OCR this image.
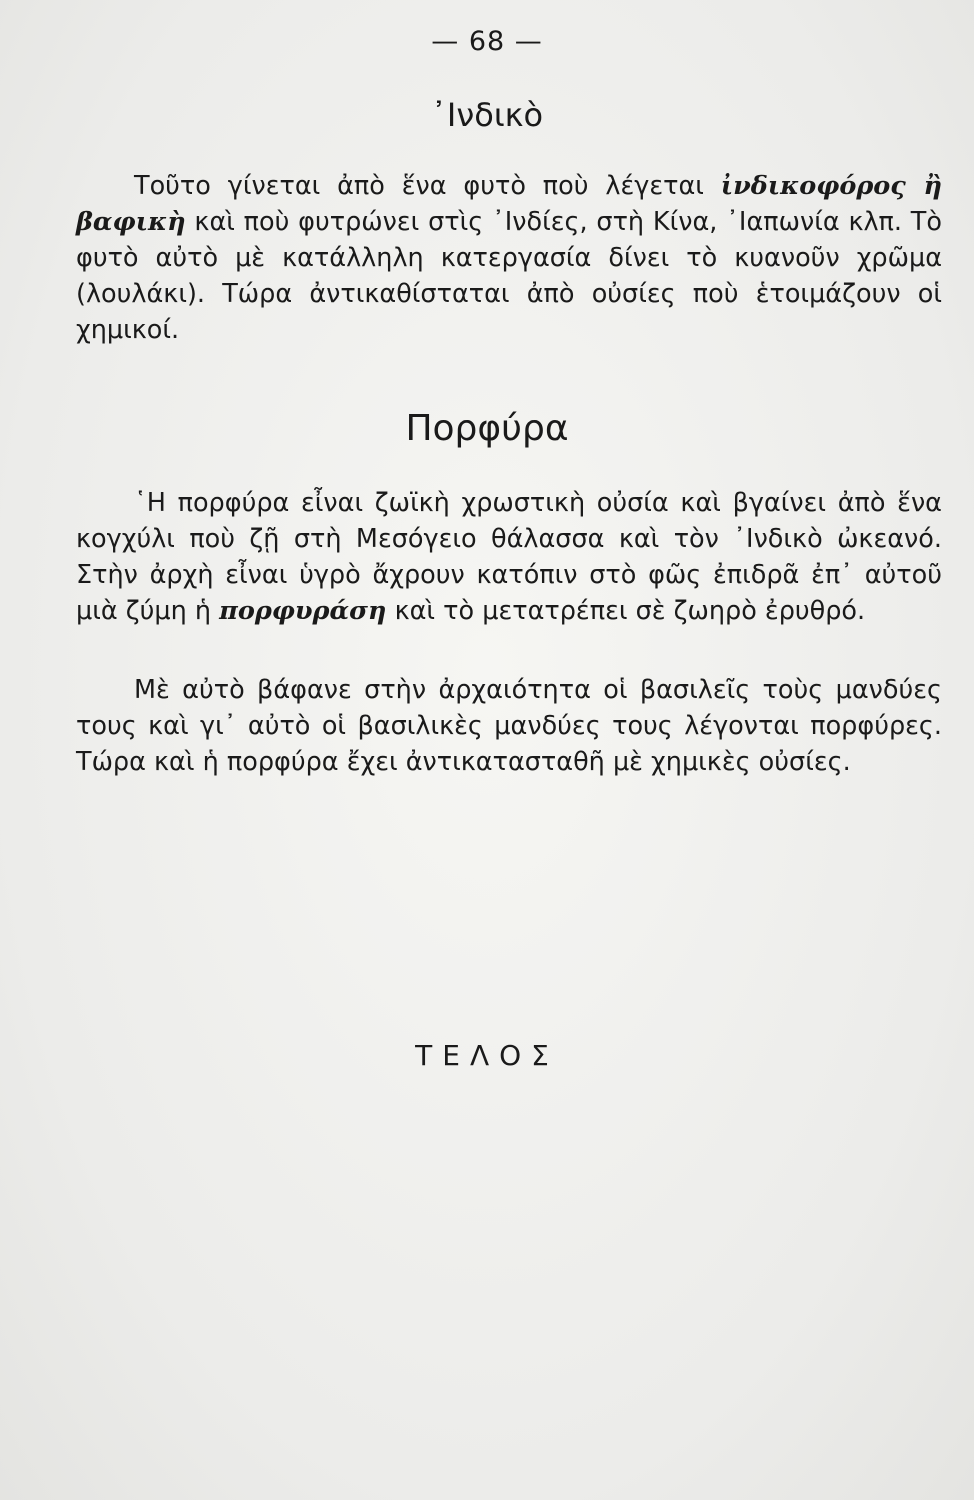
— 68 —
᾿Ινδικὸ

Τοῦτο γίνεται ἀπὸ ἕνα φυτὸ ποὺ λέγεται ἰνδικοφόρος ἢ βαφικὴ καὶ ποὺ φυτρώνει στὶς ᾿Ινδίες, στὴ Κίνα, ᾿Ιαπωνία κλπ. Τὸ φυτὸ αὐτὸ μὲ κατάλληλη κατεργασία δίνει τὸ κυανοῦν χρῶμα (λουλάκι). Τώρα ἀντικαθίσταται ἀπὸ οὐσίες ποὺ ἑτοιμάζουν οἱ χημικοί.

Πορφύρα

῾Η πορφύρα εἶναι ζωϊκὴ χρωστικὴ οὐσία καὶ βγαίνει ἀπὸ ἕνα κογχύλι ποὺ ζῇ στὴ Μεσόγειο θάλασσα καὶ τὸν ᾿Ινδικὸ ὠκεανό. Στὴν ἀρχὴ εἶναι ὑγρὸ ἄχρουν κατόπιν στὸ φῶς ἐπιδρᾶ ἐπ᾿ αὐτοῦ μιὰ ζύμη ἡ πορφυράση καὶ τὸ μετατρέπει σὲ ζωηρὸ ἐρυθρό.

Μὲ αὐτὸ βάφανε στὴν ἀρχαιότητα οἱ βασιλεῖς τοὺς μανδύες τους καὶ γι᾿ αὐτὸ οἱ βασιλικὲς μανδύες τους λέγονται πορφύρες. Τώρα καὶ ἡ πορφύρα ἔχει ἀντικατασταθῆ μὲ χημικὲς οὐσίες.

ΤΕΛΟΣ
